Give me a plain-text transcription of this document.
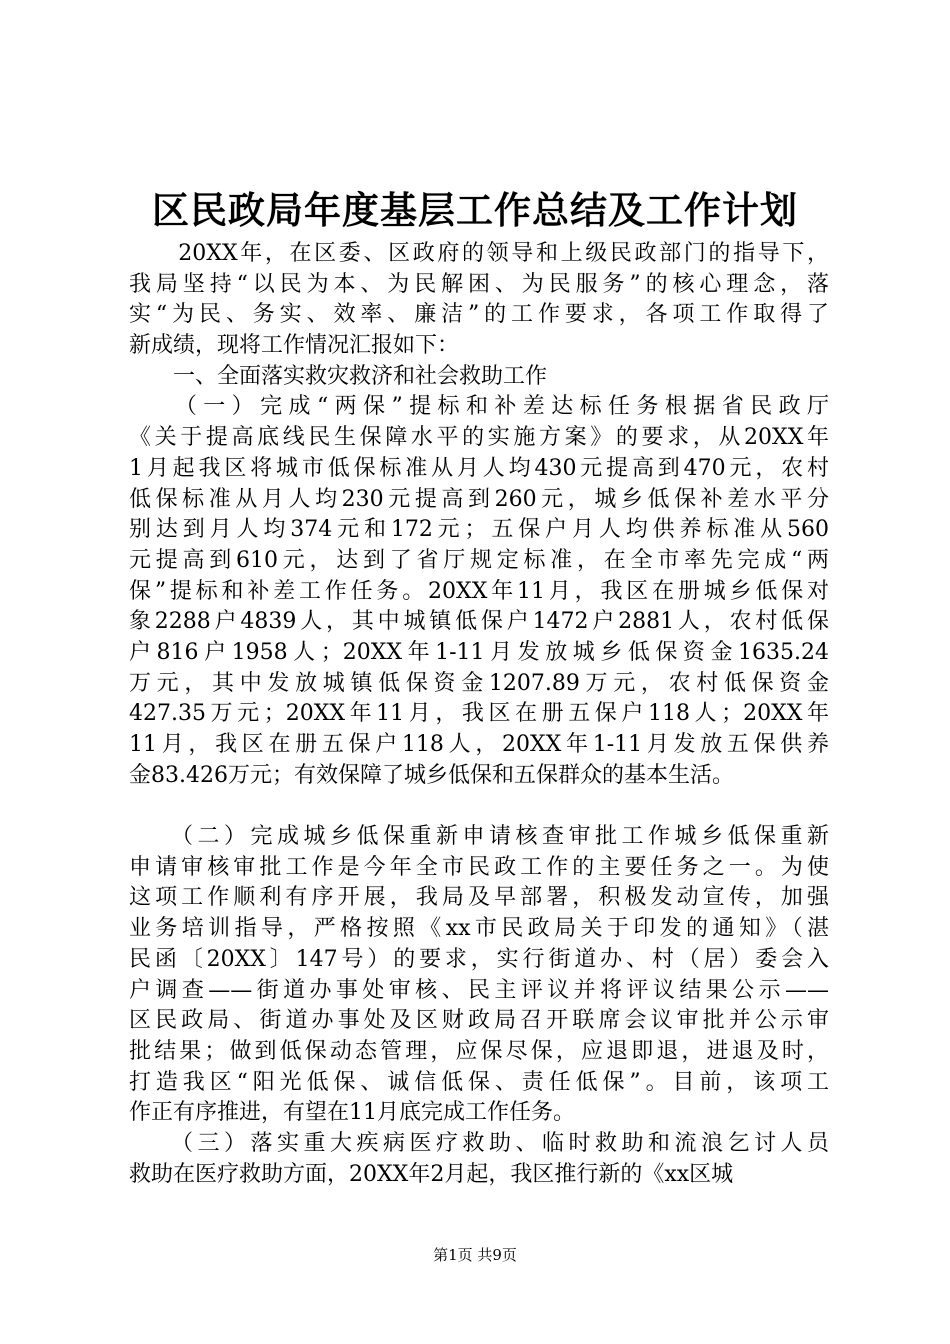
区民政局年度基层工作总结及工作计划
　　20XX年，在区委、区政府的领导和上级民政部门的指导下，
我局坚持“以民为本、为民解困、为民服务”的核心理念，落
实“为民、务实、效率、廉洁”的工作要求，各项工作取得了
新成绩，现将工作情况汇报如下：
　　一、全面落实救灾救济和社会救助工作
　　（一）完成“两保”提标和补差达标任务根据省民政厅
《关于提高底线民生保障水平的实施方案》的要求，从20XX年
1月起我区将城市低保标准从月人均430元提高到470元，农村
低保标准从月人均230元提高到260元，城乡低保补差水平分
别达到月人均374元和172元；五保户月人均供养标准从560
元提高到610元，达到了省厅规定标准，在全市率先完成“两
保”提标和补差工作任务。20XX年11月，我区在册城乡低保对
象2288户4839人，其中城镇低保户1472户2881人，农村低保
户816户1958人；20XX年1-11月发放城乡低保资金1635.24
万元，其中发放城镇低保资金1207.89万元，农村低保资金
427.35万元；20XX年11月，我区在册五保户118人；20XX年
11月，我区在册五保户118人，20XX年1-11月发放五保供养
金83.426万元；有效保障了城乡低保和五保群众的基本生活。
　　（二）完成城乡低保重新申请核查审批工作城乡低保重新
申请审核审批工作是今年全市民政工作的主要任务之一。为使
这项工作顺利有序开展，我局及早部署，积极发动宣传，加强
业务培训指导，严格按照《xx市民政局关于印发的通知》（湛
民函〔20XX〕147号）的要求，实行街道办、村（居）委会入
户调查——街道办事处审核、民主评议并将评议结果公示——
区民政局、街道办事处及区财政局召开联席会议审批并公示审
批结果；做到低保动态管理，应保尽保，应退即退，进退及时，
打造我区“阳光低保、诚信低保、责任低保”。目前，该项工
作正有序推进，有望在11月底完成工作任务。
　　（三）落实重大疾病医疗救助、临时救助和流浪乞讨人员
救助在医疗救助方面，20XX年2月起，我区推行新的《xx区城
第1页 共9页
